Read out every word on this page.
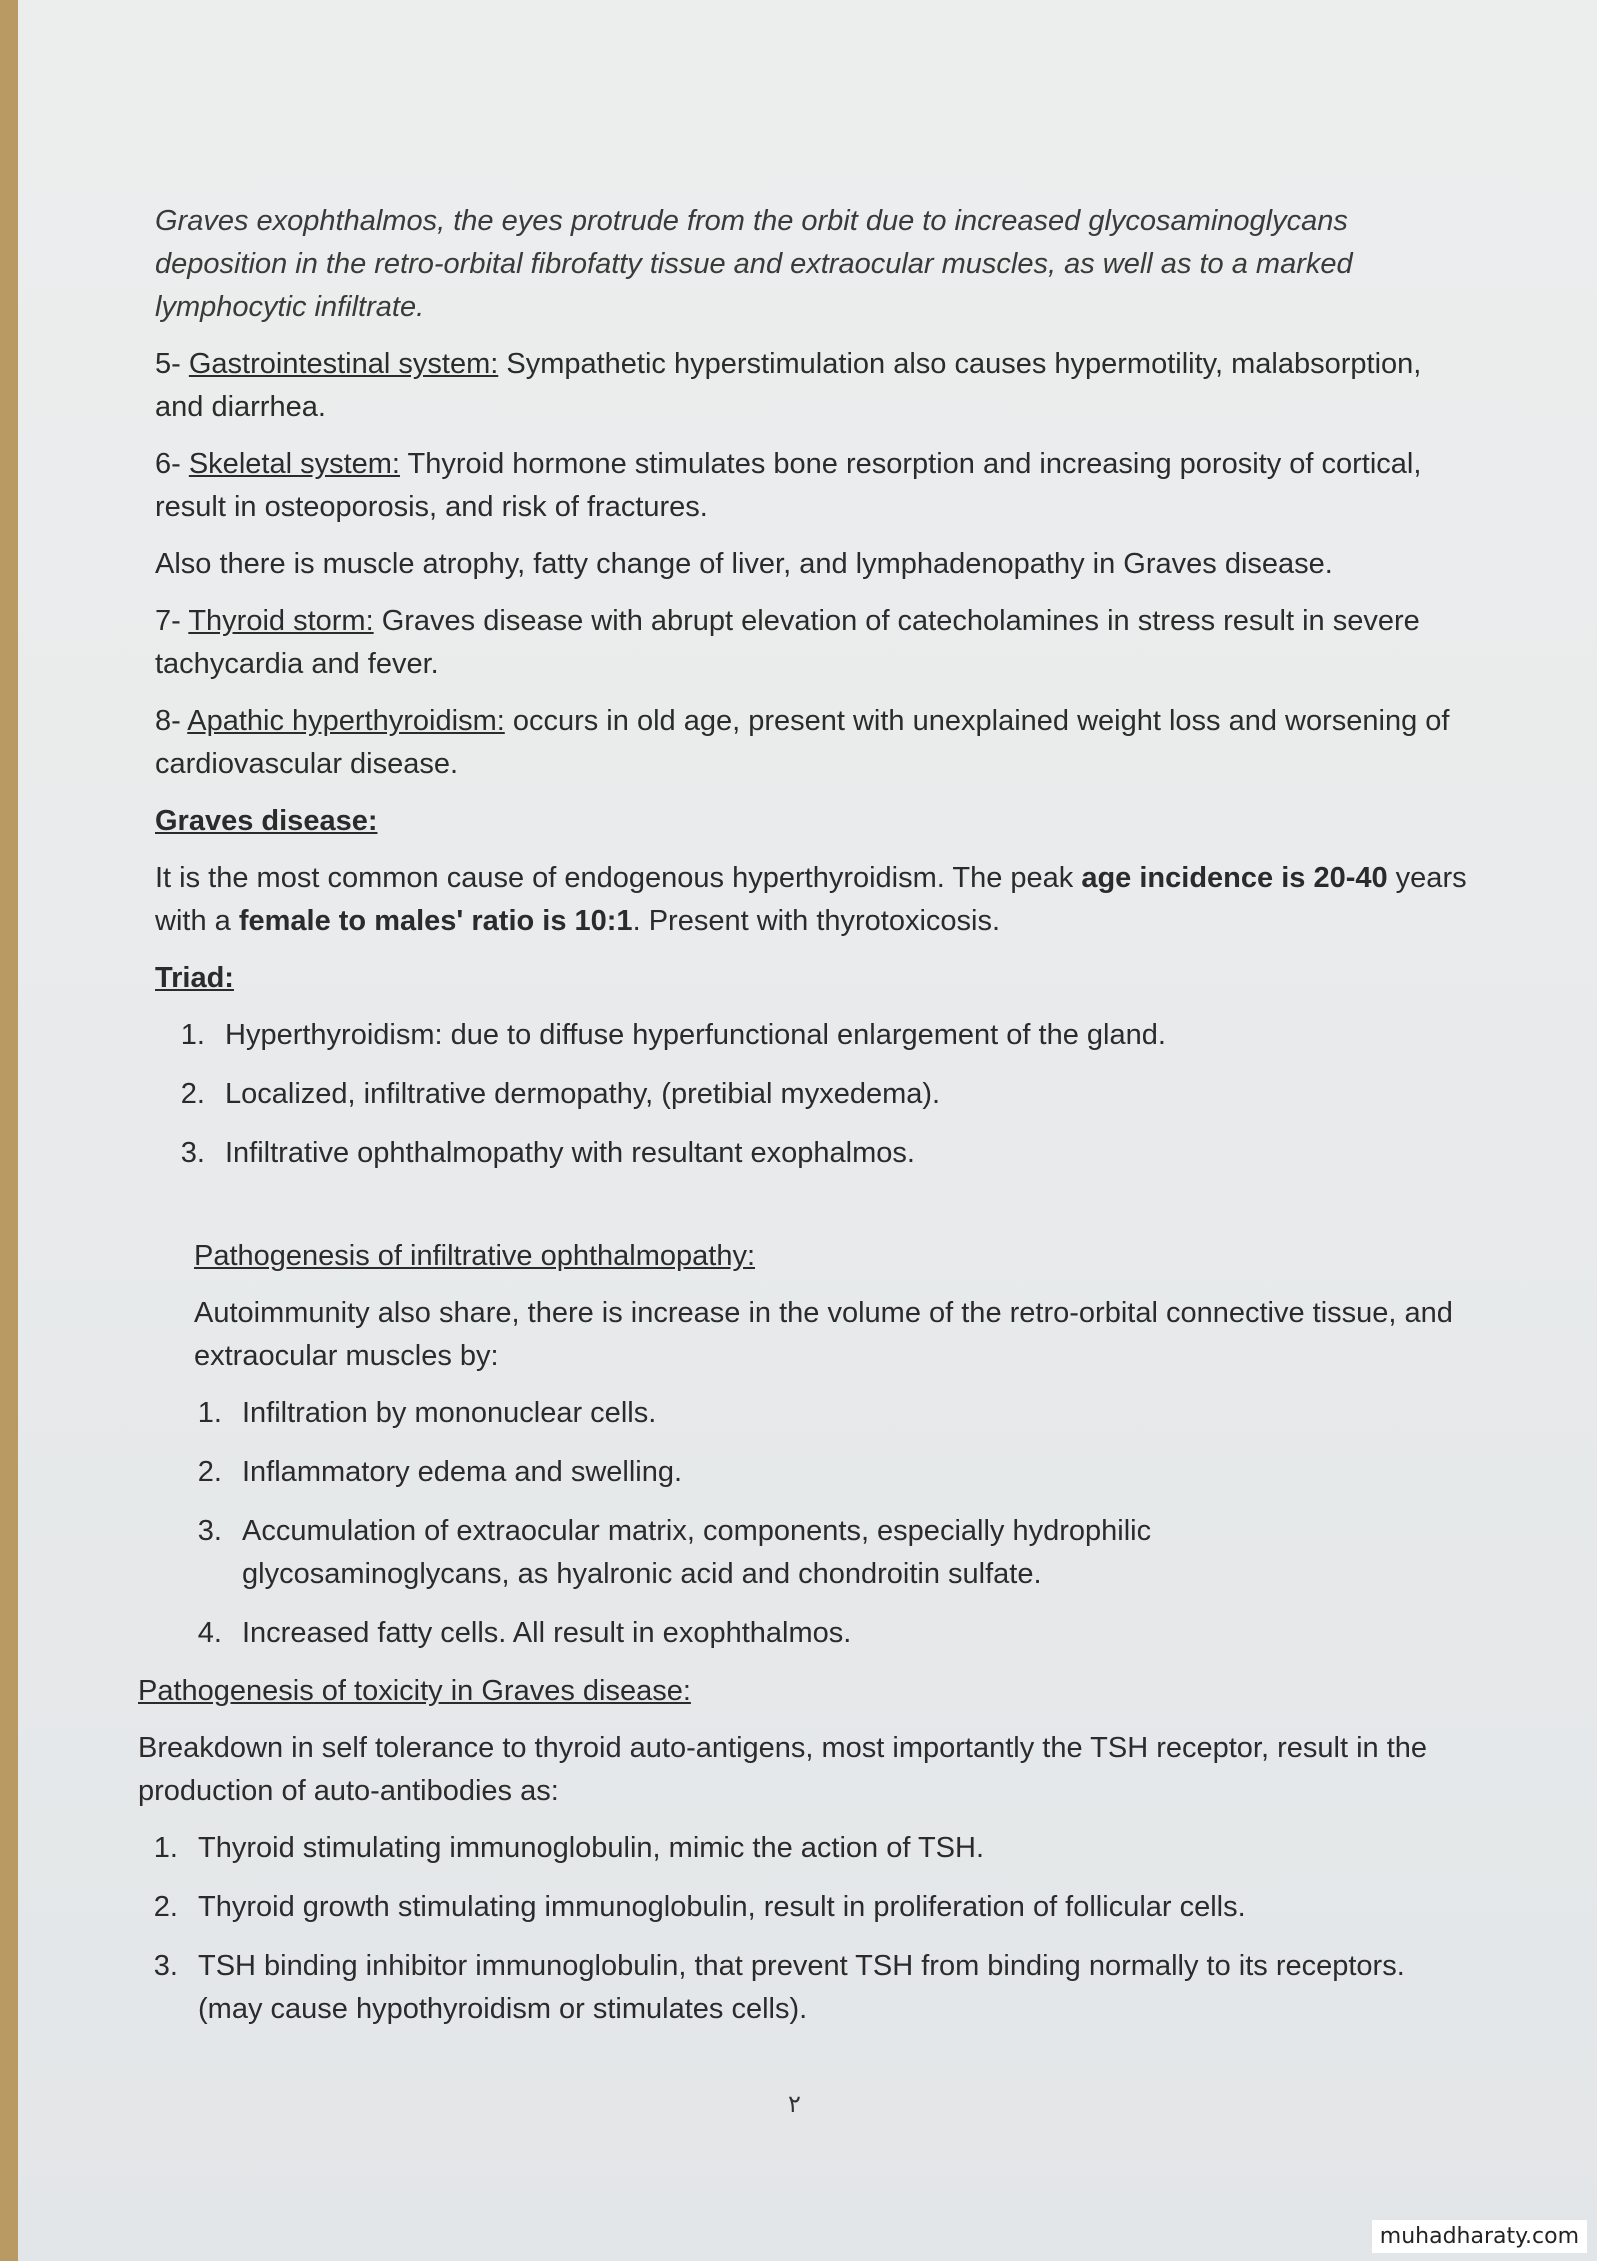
Graves exophthalmos, the eyes protrude from the orbit due to increased glycosaminoglycans deposition in the retro-orbital fibrofatty tissue and extraocular muscles, as well as to a marked lymphocytic infiltrate.

5- Gastrointestinal system: Sympathetic hyperstimulation also causes hypermotility, malabsorption, and diarrhea.

6- Skeletal system: Thyroid hormone stimulates bone resorption and increasing porosity of cortical, result in osteoporosis, and risk of fractures.

Also there is muscle atrophy, fatty change of liver, and lymphadenopathy in Graves disease.

7- Thyroid storm: Graves disease with abrupt elevation of catecholamines in stress result in severe tachycardia and fever.

8- Apathic hyperthyroidism: occurs in old age, present with unexplained weight loss and worsening of cardiovascular disease.

Graves disease:

It is the most common cause of endogenous hyperthyroidism. The peak age incidence is 20-40 years with a female to males' ratio is 10:1. Present with thyrotoxicosis.

Triad:

1. Hyperthyroidism: due to diffuse hyperfunctional enlargement of the gland.
2. Localized, infiltrative dermopathy, (pretibial myxedema).
3. Infiltrative ophthalmopathy with resultant exophalmos.

Pathogenesis of infiltrative ophthalmopathy:

Autoimmunity also share, there is increase in the volume of the retro-orbital connective tissue, and extraocular muscles by:

1. Infiltration by mononuclear cells.
2. Inflammatory edema and swelling.
3. Accumulation of extraocular matrix, components, especially hydrophilic glycosaminoglycans, as hyalronic acid and chondroitin sulfate.
4. Increased fatty cells. All result in exophthalmos.

Pathogenesis of toxicity in Graves disease:

Breakdown in self tolerance to thyroid auto-antigens, most importantly the TSH receptor, result in the production of auto-antibodies as:

1. Thyroid stimulating immunoglobulin, mimic the action of TSH.
2. Thyroid growth stimulating immunoglobulin, result in proliferation of follicular cells.
3. TSH binding inhibitor immunoglobulin, that prevent TSH from binding normally to its receptors. (may cause hypothyroidism or stimulates cells).
٢
muhadharaty.com
